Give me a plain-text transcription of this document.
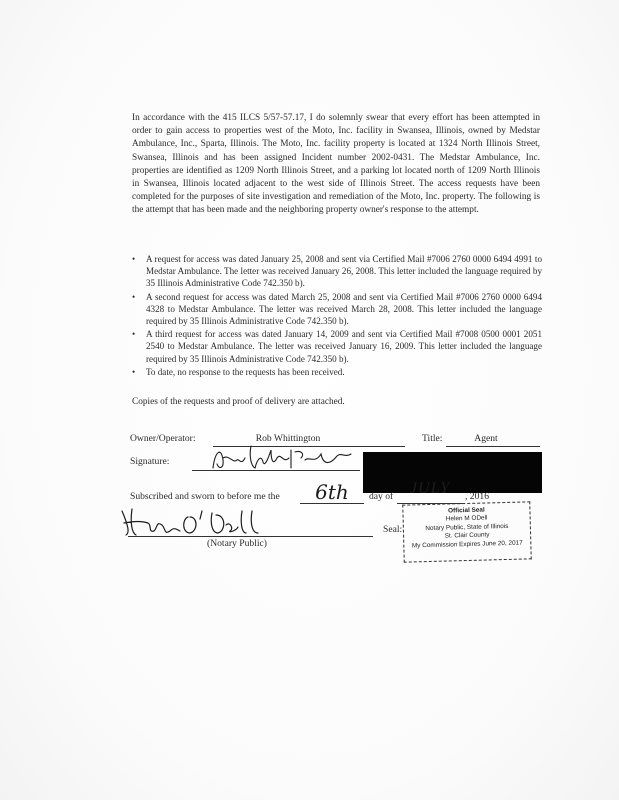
In accordance with the 415 ILCS 5/57-57.17, I do solemnly swear that every effort has been attempted in order to gain access to properties west of the Moto, Inc. facility in Swansea, Illinois, owned by Medstar Ambulance, Inc., Sparta, Illinois. The Moto, Inc. facility property is located at 1324 North Illinois Street, Swansea, Illinois and has been assigned Incident number 2002-0431. The Medstar Ambulance, Inc. properties are identified as 1209 North Illinois Street, and a parking lot located north of 1209 North Illinois in Swansea, Illinois located adjacent to the west side of Illinois Street. The access requests have been completed for the purposes of site investigation and remediation of the Moto, Inc. property. The following is the attempt that has been made and the neighboring property owner's response to the attempt.

• A request for access was dated January 25, 2008 and sent via Certified Mail #7006 2760 0000 6494 4991 to Medstar Ambulance. The letter was received January 26, 2008. This letter included the language required by 35 Illinois Administrative Code 742.350 b).
• A second request for access was dated March 25, 2008 and sent via Certified Mail #7006 2760 0000 6494 4328 to Medstar Ambulance. The letter was received March 28, 2008. This letter included the language required by 35 Illinois Administrative Code 742.350 b).
• A third request for access was dated January 14, 2009 and sent via Certified Mail #7008 0500 0001 2051 2540 to Medstar Ambulance. The letter was received January 16, 2009. This letter included the language required by 35 Illinois Administrative Code 742.350 b).
• To date, no response to the requests has been received.

Copies of the requests and proof of delivery are attached.

Owner/Operator:	Rob Whittington	Title:	Agent
Signature:
Subscribed and sworn to before me the	6th	day of	JULY	, 2016
(Notary Public)
Seal:
Official Seal
Helen M ODell
Notary Public, State of Illinois
St. Clair County
My Commission Expires June 20, 2017
